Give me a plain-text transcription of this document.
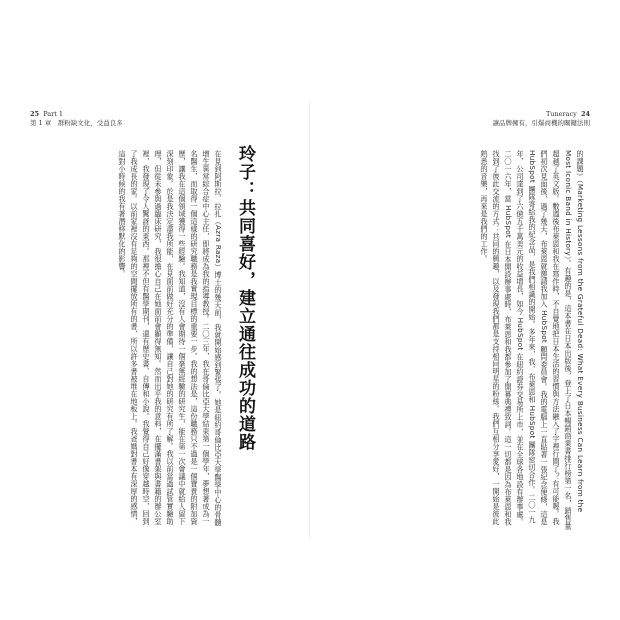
25 Part 1
第 1 章　群粉缺文化，受益良多
Tuneracy 24
讓品牌擁有，引爆商機的關鍵法則
玲子：共同喜好，建立通往成功的道路
在見到阿斯拉．拉扎（Azra Raza）博士的幾天前，我就開始感到緊張了。她是紐約哥倫比亞大學醫學中心的骨髓增生異常綜合症中心主任，即將成為我的指導教授。二〇三年，我在哥倫比亞大學結束第一個學年，夢想著成為一名醫生，而取得一個這樣的研究職務是我實現目標的重要一步。我的想法是，這份職務只不過是一個寶貴的附加資歷，讓我在這個領域獲得一些經驗。我知道，沒有人會期待一個毫無經驗的研究生，能在第一次會議中就給人留下深刻印象。於是我決定盡我所能，在見面前做好充分的準備，讓自己對她的研究有所了解。我以前當過試管實驗助理，但從未參與過臨床研究，我很擔心自己在她面前會顯得無知。然而出乎我的意料，在擺滿書架與書籍的辦公室裡，我發現了令人驚訝的東西。那裡不但有醫學期刊，還有歷史書、自傳和小說。我覺得自己好像穿越時空，回到了我成長的家。以前家裡沒有足夠的空間擺放所有的書，所以許多書被堆在地板上。我爸媽對書本有深厚的感情，這對小時候的我有著潛移默化的影響。	的課題》（Marketing Lessons from the Grateful Dead: What Every Business Can Learn from the Most Iconic Band in History）。有趣的是，這本書在日本出版後，登上了日本暢銷商業書排行榜第一名，銷售量超越了英文版。數週後布萊恩和我在寫作時，不自覺地把日本生活的習慣與方法融入了字裡行間了？有可能喔。我們初次見面後，過了幾天，布萊恩就邀請我加入 HubSpot 顧問委員會。我的電腦上一直貼著一張紀念便條，這是 HubSpot 團隊寄給我的紀念品，是我們相識的開始。多年來，我、布萊恩和 HubSpot 團隊密切合作。二〇一九年，公司達到了六億五千萬美元的收益增長，如今 HubSpot 在紐約證券交易所上市，並在全球各地設有辦事處。二〇一六年，當 HubSpot 在日本開設辦事處時，布萊恩和我都參加了開幕典禮致詞。這一切都是因為布萊恩和我找到了彼此交流的方式：共同的興趣，以及發現我們都是支持相同明星的粉絲。我們互相分享愛好，一開始是彼此熟悉的音樂，再來是我們的工作。
